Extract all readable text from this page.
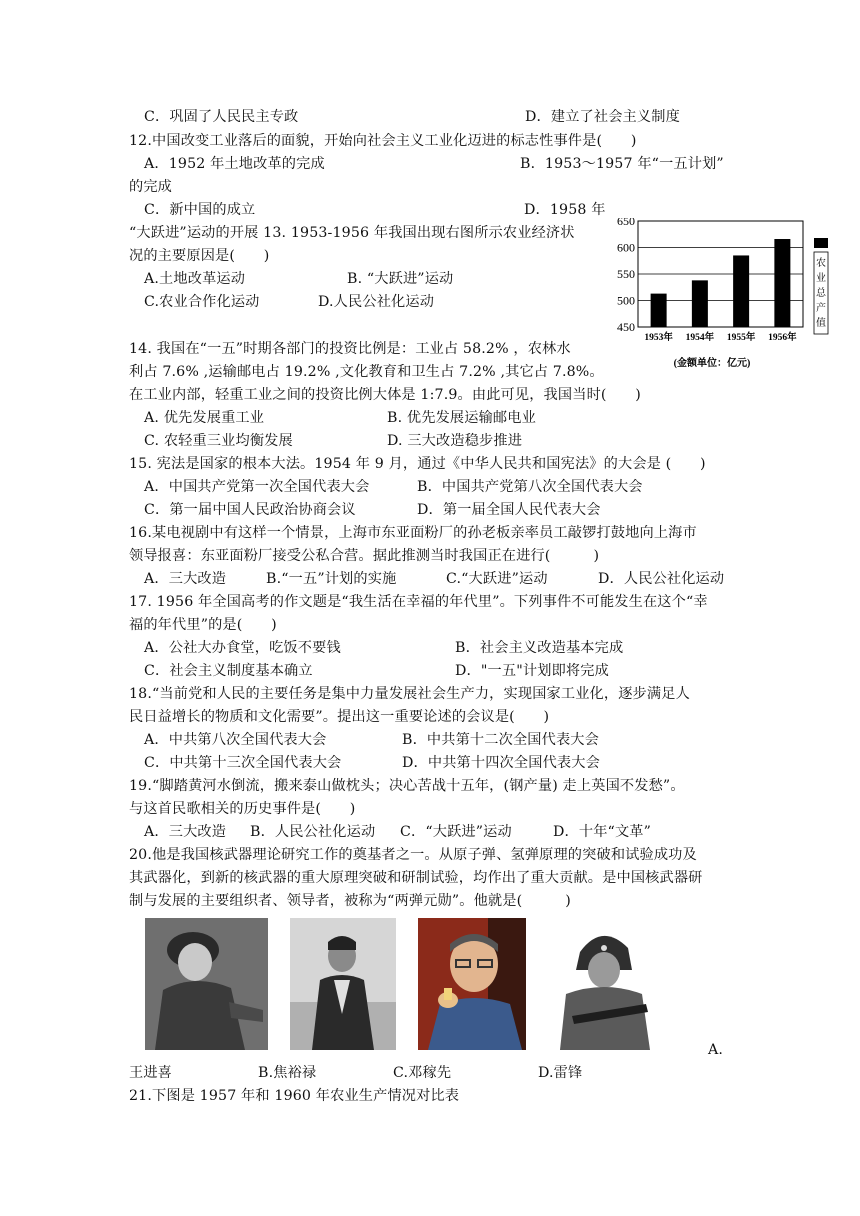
C．巩固了人民民主专政	D．建立了社会主义制度
12.中国改变工业落后的面貌，开始向社会主义工业化迈进的标志性事件是(　　)
A．1952 年土地改革的完成	B．1953～1957 年“一五计划”
的完成
C．新中国的成立	D．1958 年
“大跃进”运动的开展 13. 1953-1956 年我国出现右图所示农业经济状
况的主要原因是(　　)
A.土地改革运动	B. “大跃进”运动
C.农业合作化运动	D.人民公社化运动
14. 我国在“一五”时期各部门的投资比例是：工业占 58.2% ，农林水
利占 7.6% ,运输邮电占 19.2% ,文化教育和卫生占 7.2% ,其它占 7.8%。
在工业内部，轻重工业之间的投资比例大体是 1:7.9。由此可见，我国当时(　　)
A. 优先发展重工业	B. 优先发展运输邮电业
C. 农轻重三业均衡发展	D. 三大改造稳步推进
15. 宪法是国家的根本大法。1954 年 9 月，通过《中华人民共和国宪法》的大会是 (　　)
A．中国共产党第一次全国代表大会	B．中国共产党第八次全国代表大会
C．第一届中国人民政治协商会议	D．第一届全国人民代表大会
16.某电视剧中有这样一个情景，上海市东亚面粉厂的孙老板亲率员工敲锣打鼓地向上海市
领导报喜：东亚面粉厂接受公私合营。据此推测当时我国正在进行(　　　)
A．三大改造	B.“一五”计划的实施	C.“大跃进”运动	D．人民公社化运动
17. 1956 年全国高考的作文题是“我生活在幸福的年代里”。下列事件不可能发生在这个“幸
福的年代里”的是(　　)
A．公社大办食堂，吃饭不要钱	B．社会主义改造基本完成
C．社会主义制度基本确立	D．"一五"计划即将完成
18.“当前党和人民的主要任务是集中力量发展社会生产力，实现国家工业化，逐步满足人
民日益增长的物质和文化需要”。提出这一重要论述的会议是(　　)
A．中共第八次全国代表大会	B．中共第十二次全国代表大会
C．中共第十三次全国代表大会	D．中共第十四次全国代表大会
19.“脚踏黄河水倒流，搬来泰山做枕头；决心苦战十五年，(钢产量) 走上英国不发愁”。
与这首民歌相关的历史事件是(　　)
A．三大改造 B．人民公社化运动 C．“大跃进”运动	D．十年“文革”
20.他是我国核武器理论研究工作的奠基者之一。从原子弹、氢弹原理的突破和试验成功及
其武器化，到新的核武器的重大原理突破和研制试验，均作出了重大贡献。是中国核武器研
制与发展的主要组织者、领导者，被称为“两弹元勋”。他就是(　　　)
A.
王进喜	B.焦裕禄	C.邓稼先	D.雷锋
21.下图是 1957 年和 1960 年农业生产情况对比表
450
500
550
600
650
1953年 1954年 1955年 1956年
农
业
总
产
值
(金额单位：亿元)
